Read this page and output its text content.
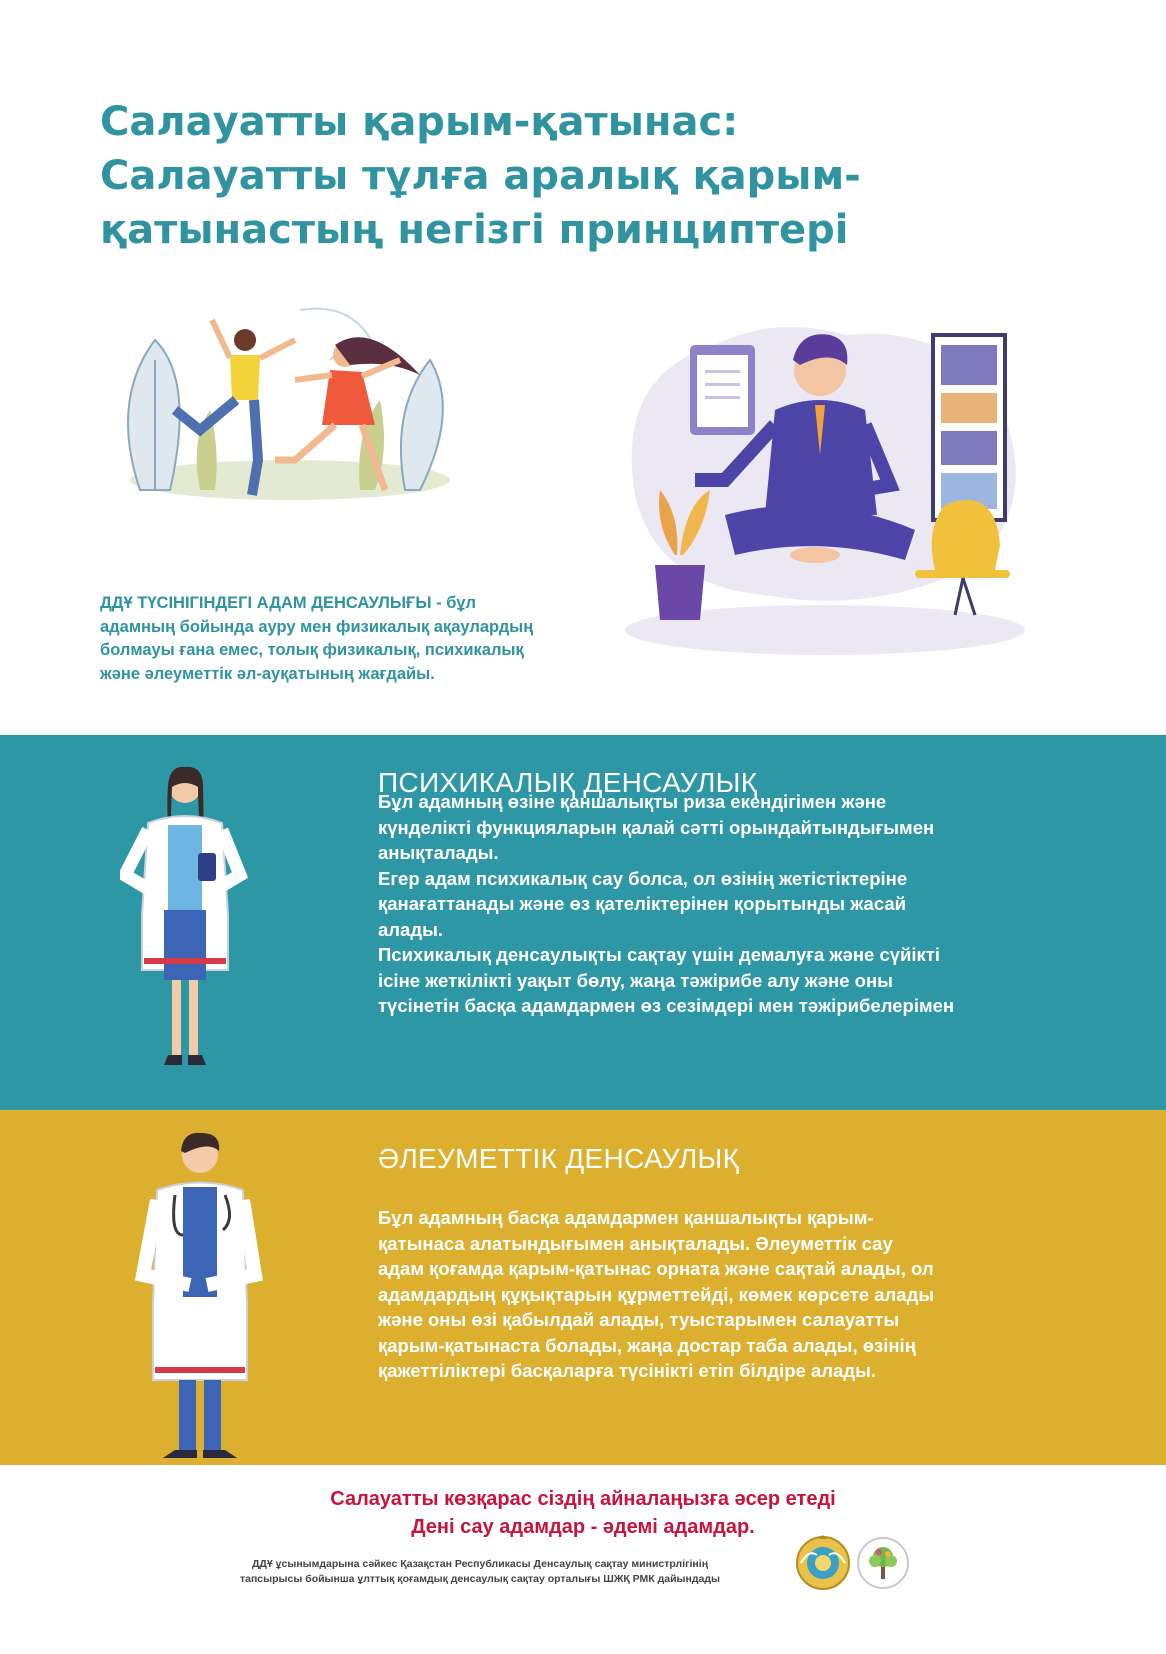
Салауатты қарым-қатынас:
Салауатты тұлға аралық қарым-
қатынастың негізгі принциптері
ДДҰ ТҮСІНІГІНДЕГІ АДАМ ДЕНСАУЛЫҒЫ - бұл
адамның бойында ауру мен физикалық ақаулардың
болмауы ғана емес, толық физикалық, психикалық
және әлеуметтік әл-ауқатының жағдайы.
ПСИХИКАЛЫҚ ДЕНСАУЛЫҚ
Бұл адамның өзіне қаншалықты риза екендігімен және
күнделікті функцияларын қалай сәтті орындайтындығымен
анықталады.
Егер адам психикалық сау болса, ол өзінің жетістіктеріне
қанағаттанады және өз қателіктерінен қорытынды жасай
алады.
Психикалық денсаулықты сақтау үшін демалуға және сүйікті
ісіне жеткілікті уақыт бөлу, жаңа тәжірибе алу және оны
түсінетін басқа адамдармен өз сезімдері мен тәжірибелерімен
ӘЛЕУМЕТТІК ДЕНСАУЛЫҚ
Бұл адамның басқа адамдармен қаншалықты қарым-
қатынаса алатындығымен анықталады. Әлеуметтік сау
адам қоғамда қарым-қатынас орната және сақтай алады, ол
адамдардың құқықтарын құрметтейді, көмек көрсете алады
және оны өзі қабылдай алады, туыстарымен салауатты
қарым-қатынаста болады, жаңа достар таба алады, өзінің
қажеттіліктері басқаларға түсінікті етіп білдіре алады.
Салауатты көзқарас сіздің айналаңызға әсер етеді
Дені сау адамдар - әдемі адамдар.
ДДҰ ұсынымдарына сәйкес Қазақстан Республикасы Денсаулық сақтау министрлігінің
тапсырысы бойынша ұлттық қоғамдық денсаулық сақтау орталығы ШЖҚ РМК дайындады
